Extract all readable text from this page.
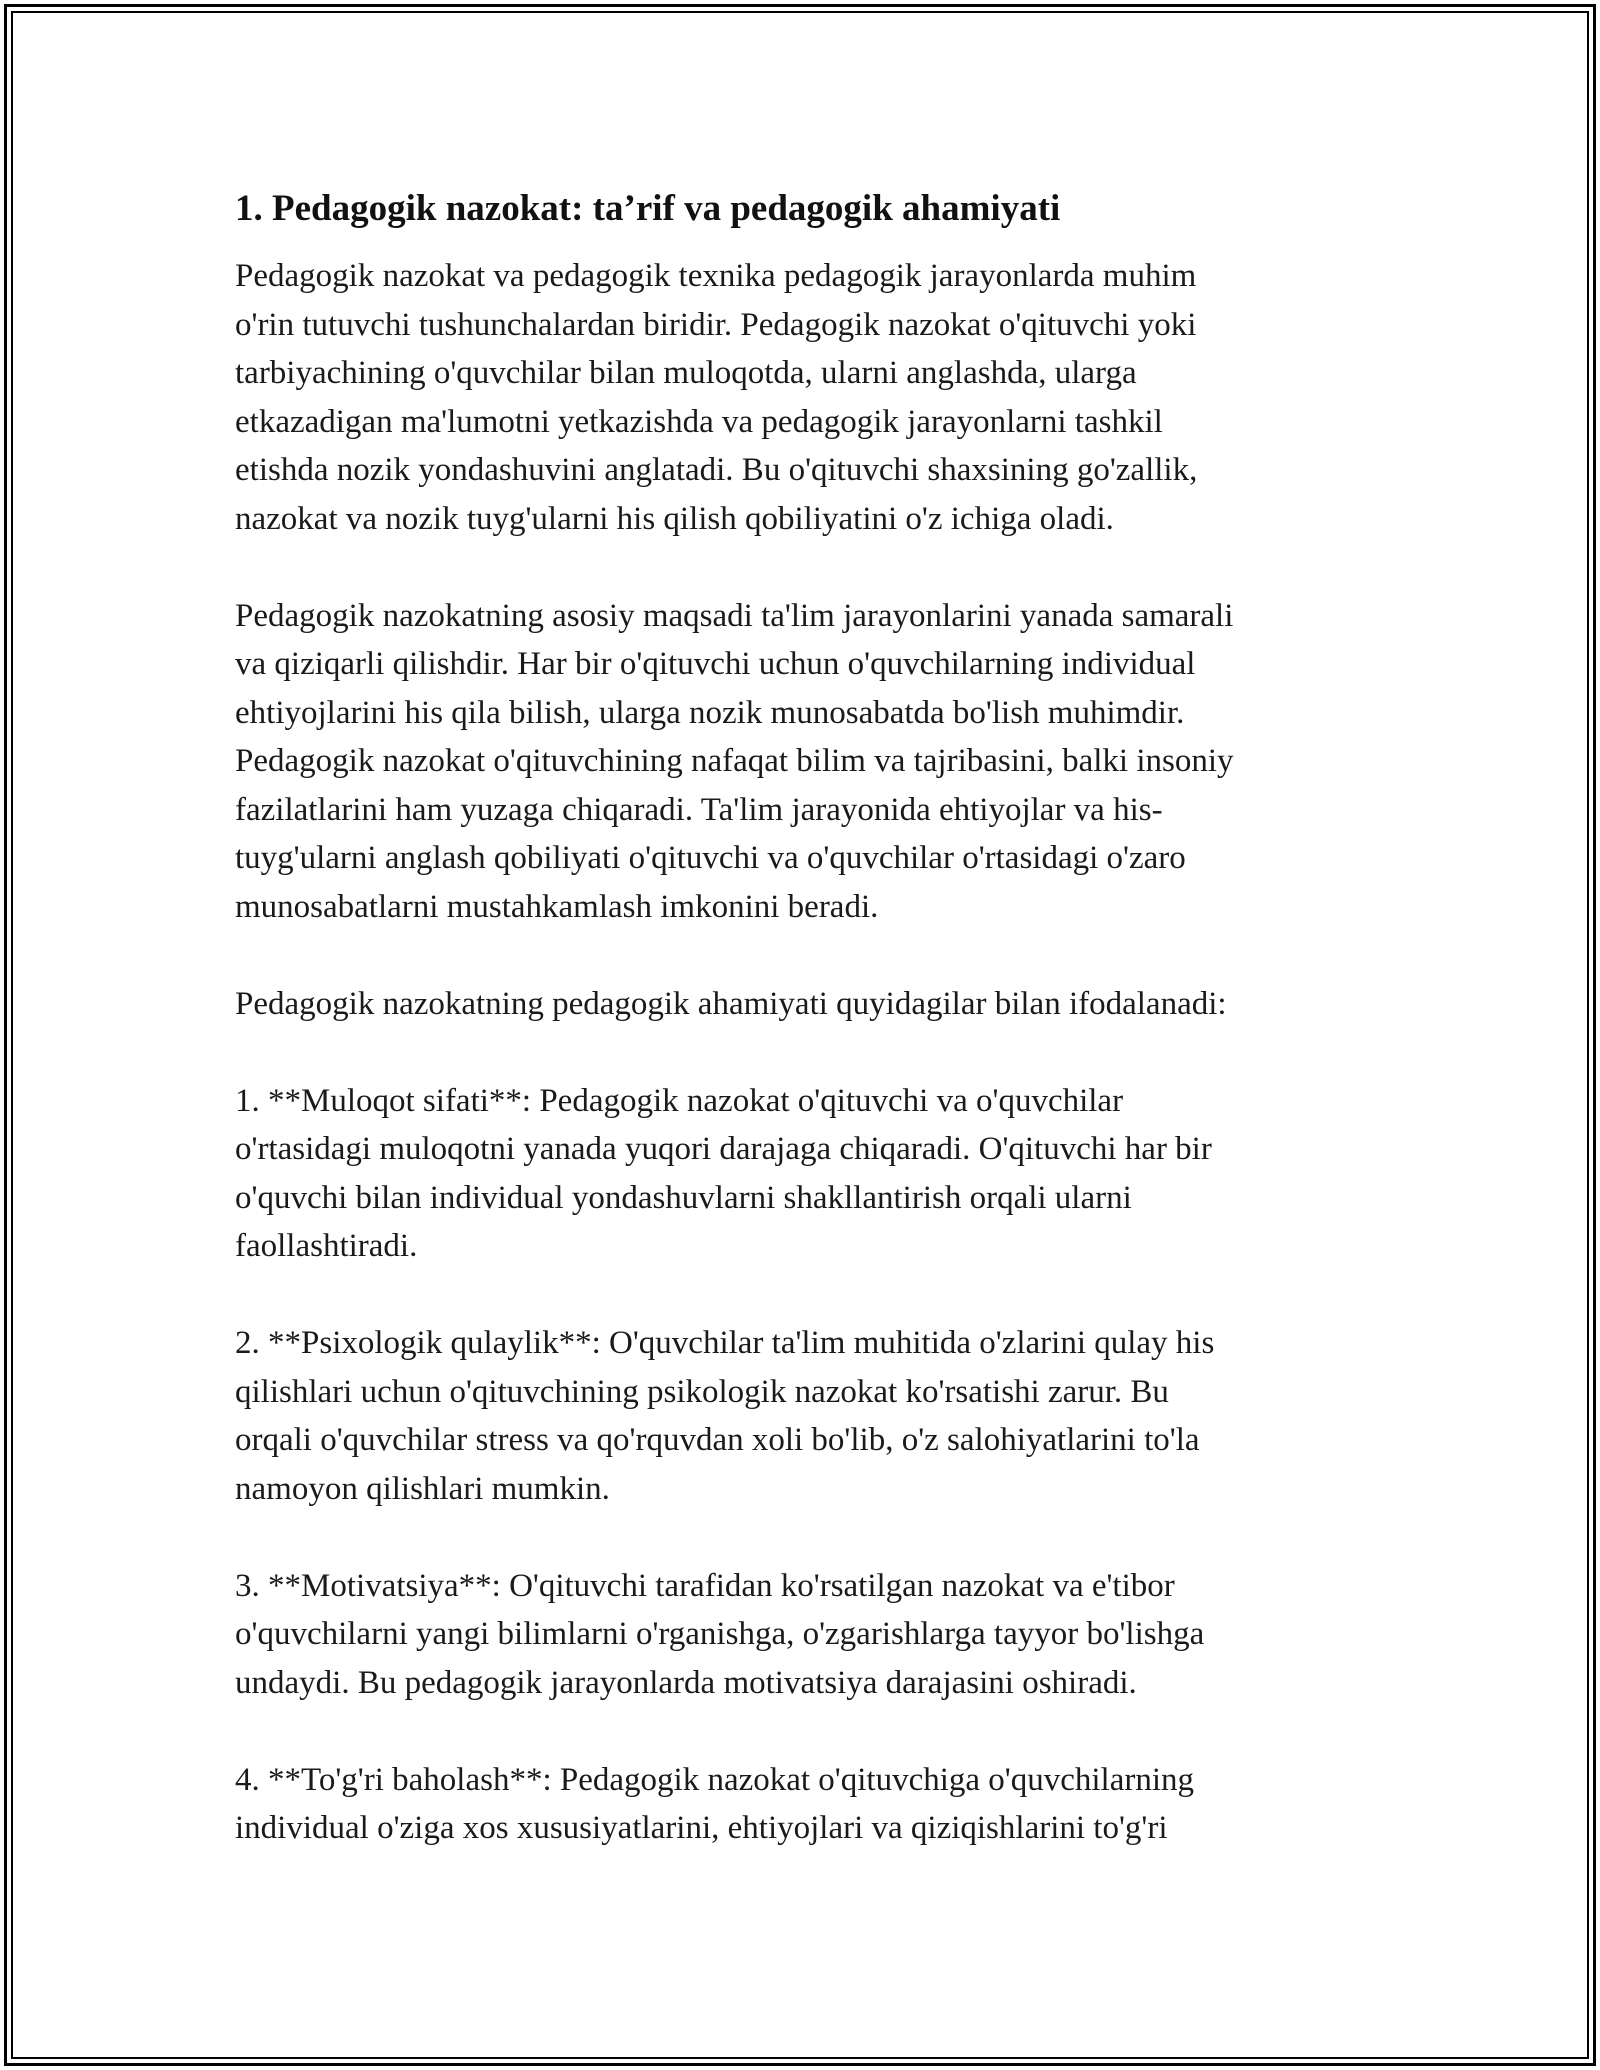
1. Pedagogik nazokat: ta’rif va pedagogik ahamiyati
Pedagogik nazokat va pedagogik texnika pedagogik jarayonlarda muhim
o'rin tutuvchi tushunchalardan biridir. Pedagogik nazokat o'qituvchi yoki
tarbiyachining o'quvchilar bilan muloqotda, ularni anglashda, ularga
etkazadigan ma'lumotni yetkazishda va pedagogik jarayonlarni tashkil
etishda nozik yondashuvini anglatadi. Bu o'qituvchi shaxsining go'zallik,
nazokat va nozik tuyg'ularni his qilish qobiliyatini o'z ichiga oladi.
Pedagogik nazokatning asosiy maqsadi ta'lim jarayonlarini yanada samarali
va qiziqarli qilishdir. Har bir o'qituvchi uchun o'quvchilarning individual
ehtiyojlarini his qila bilish, ularga nozik munosabatda bo'lish muhimdir.
Pedagogik nazokat o'qituvchining nafaqat bilim va tajribasini, balki insoniy
fazilatlarini ham yuzaga chiqaradi. Ta'lim jarayonida ehtiyojlar va his-
tuyg'ularni anglash qobiliyati o'qituvchi va o'quvchilar o'rtasidagi o'zaro
munosabatlarni mustahkamlash imkonini beradi.
Pedagogik nazokatning pedagogik ahamiyati quyidagilar bilan ifodalanadi:
1. **Muloqot sifati**: Pedagogik nazokat o'qituvchi va o'quvchilar
o'rtasidagi muloqotni yanada yuqori darajaga chiqaradi. O'qituvchi har bir
o'quvchi bilan individual yondashuvlarni shakllantirish orqali ularni
faollashtiradi.
2. **Psixologik qulaylik**: O'quvchilar ta'lim muhitida o'zlarini qulay his
qilishlari uchun o'qituvchining psikologik nazokat ko'rsatishi zarur. Bu
orqali o'quvchilar stress va qo'rquvdan xoli bo'lib, o'z salohiyatlarini to'la
namoyon qilishlari mumkin.
3. **Motivatsiya**: O'qituvchi tarafidan ko'rsatilgan nazokat va e'tibor
o'quvchilarni yangi bilimlarni o'rganishga, o'zgarishlarga tayyor bo'lishga
undaydi. Bu pedagogik jarayonlarda motivatsiya darajasini oshiradi.
4. **To'g'ri baholash**: Pedagogik nazokat o'qituvchiga o'quvchilarning
individual o'ziga xos xususiyatlarini, ehtiyojlari va qiziqishlarini to'g'ri
